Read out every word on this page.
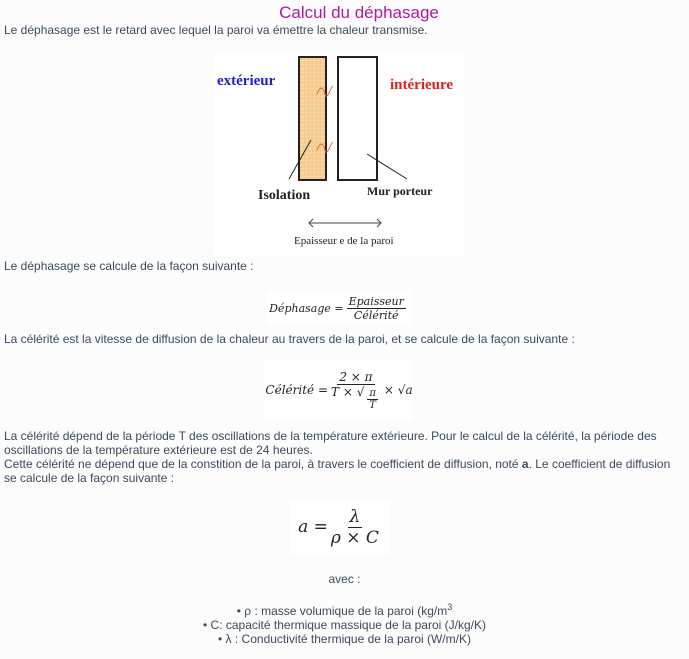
Calcul du déphasage
Le déphasage est le retard avec lequel la paroi va émettre la chaleur transmise.
extérieur	intérieure
Isolation	Mur porteur
Epaisseur e de la paroi
Le déphasage se calcule de la façon suivante :
Déphasage = $\frac{\text{Epaisseur}}{\text{Célérité}}$
La célérité est la vitesse de diffusion de la chaleur au travers de la paroi, et se calcule de la façon suivante :
Célérité = $\frac{2 \times \pi}{T \times √ \frac{\pi}{T}} \times √a$
La célérité dépend de la période T des oscillations de la température extérieure. Pour le calcul de la célérité, la période des oscillations de la température extérieure est de 24 heures.
Cette célérité ne dépend que de la constition de la paroi, à travers le coefficient de diffusion, noté a. Le coefficient de diffusion se calcule de la façon suivante :
$a = \frac{\lambda}{\rho \times C}$
avec :
• ρ : masse volumique de la paroi ($kg/m^3$
• C: capacité thermique massique de la paroi (J/kg/K)
• λ : Conductivité thermique de la paroi (W/m/K)
